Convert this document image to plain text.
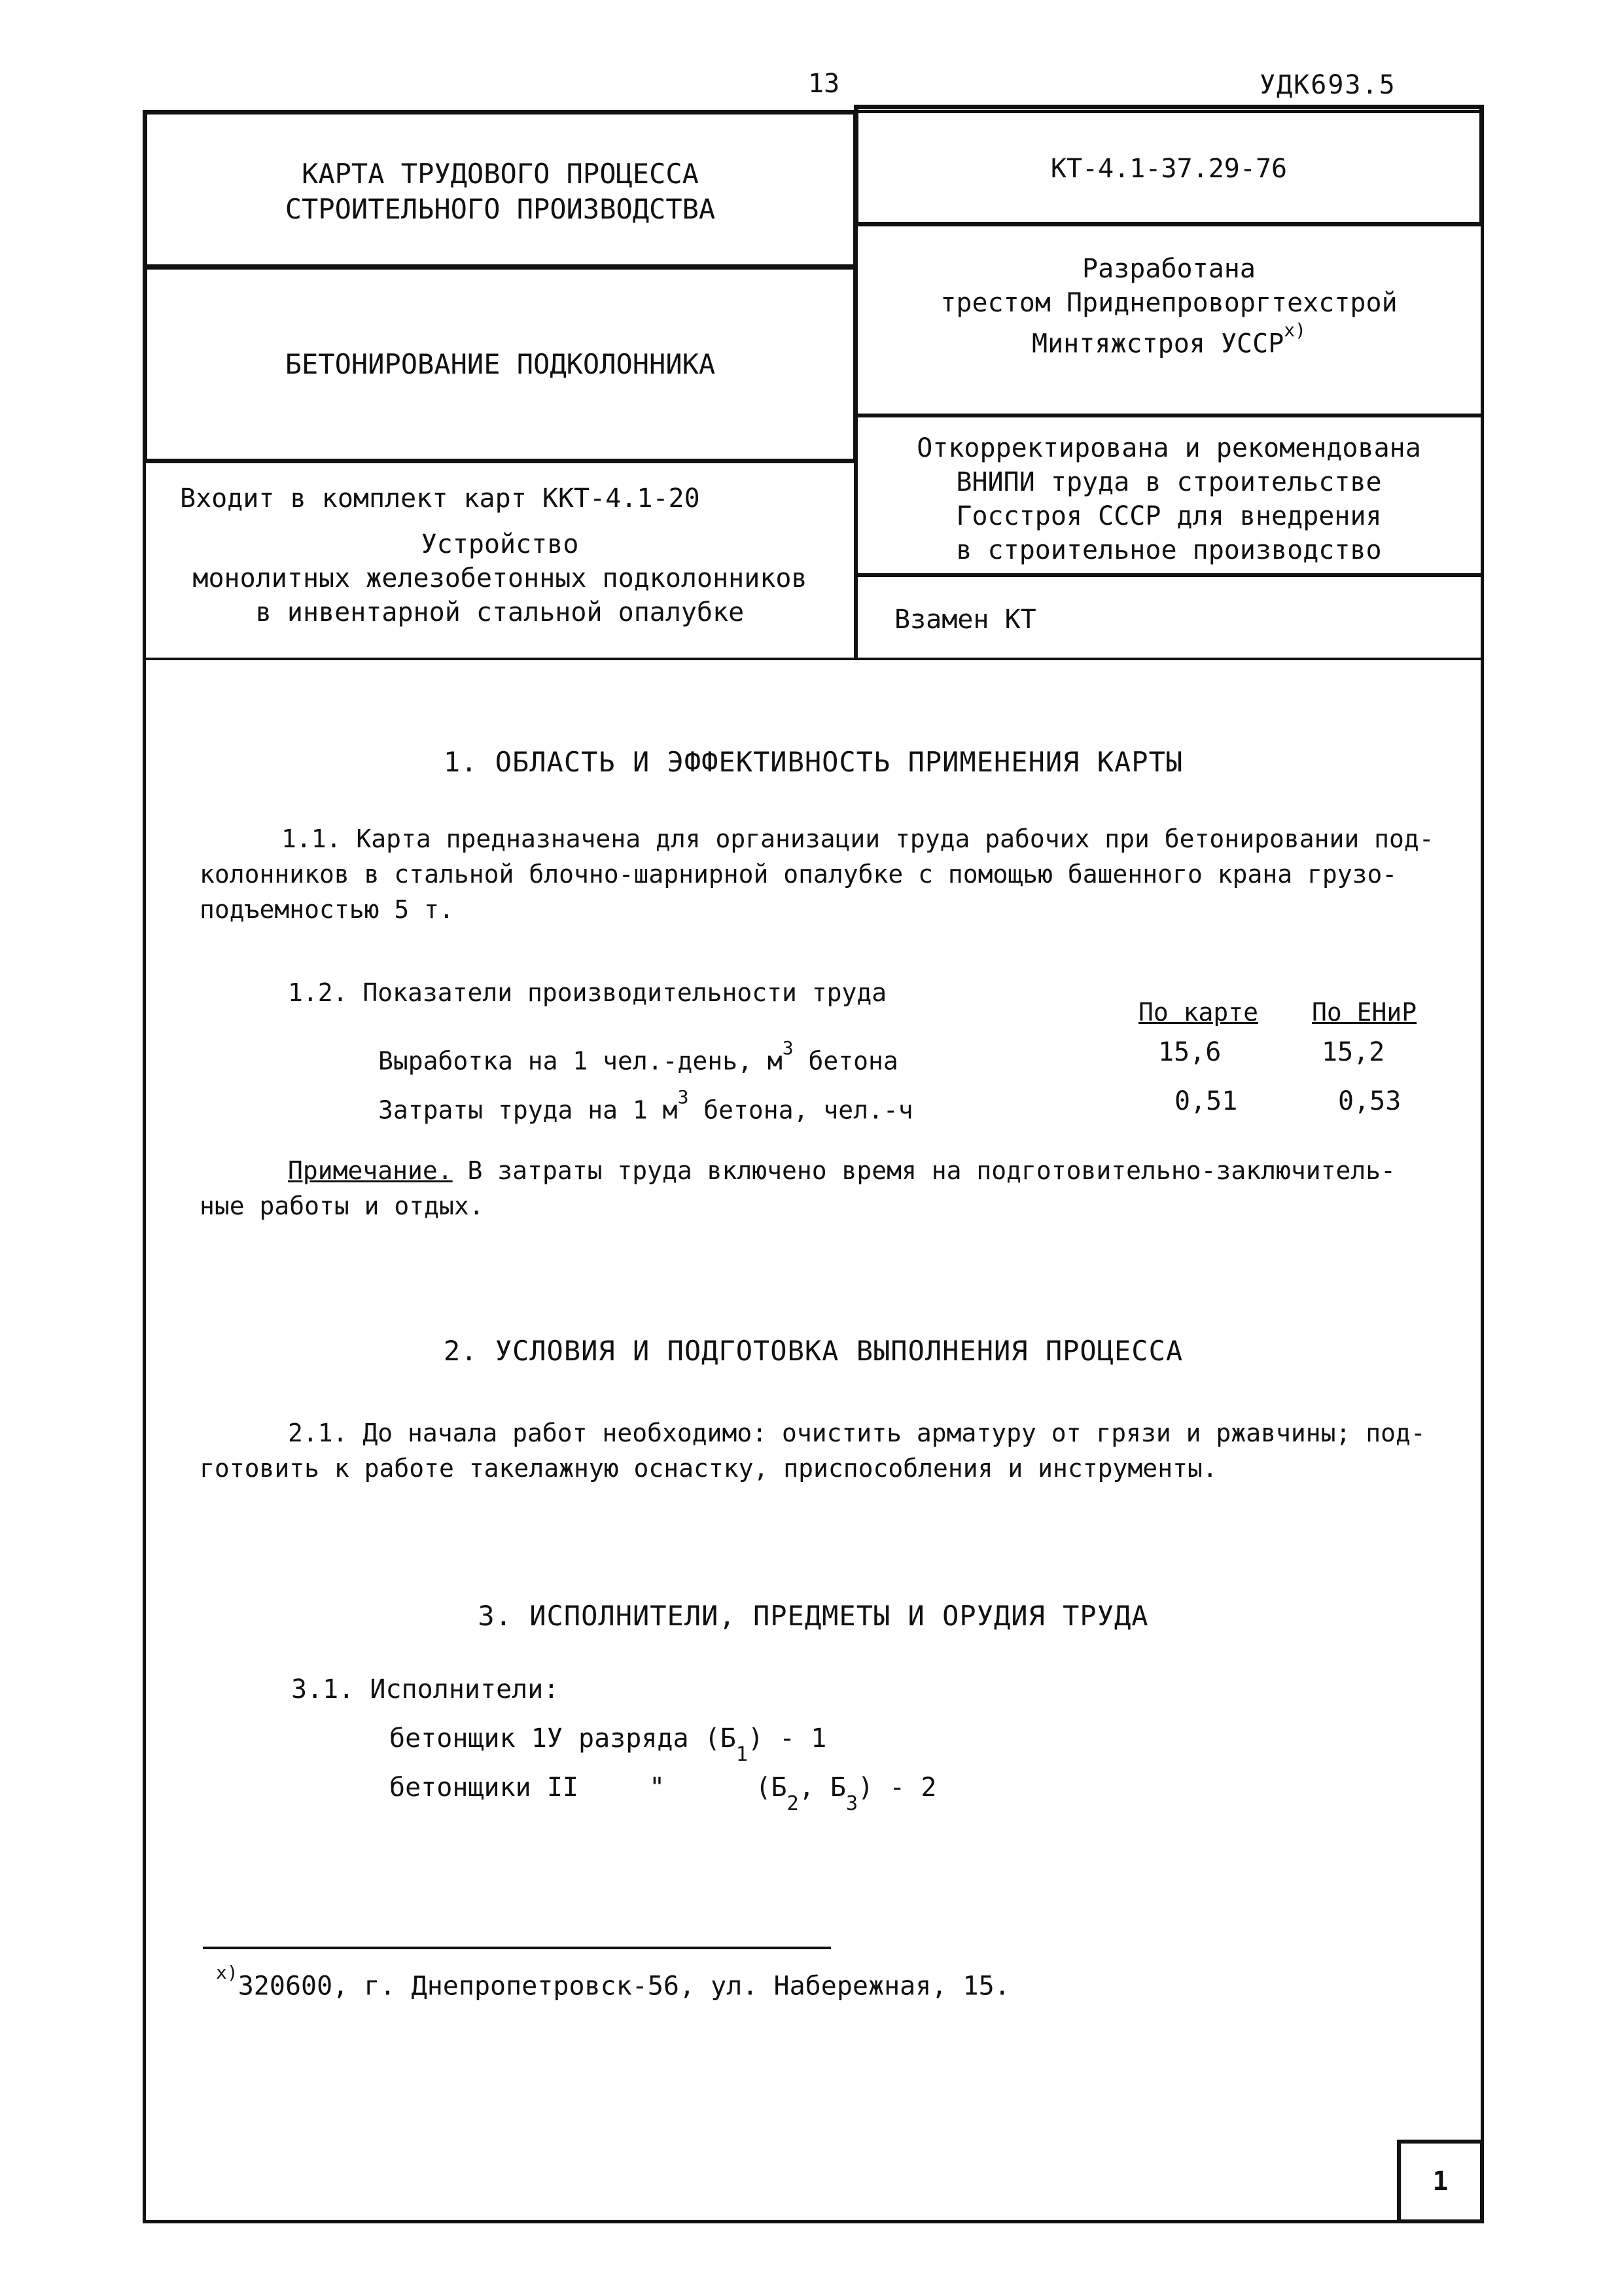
13	УДК693.5
КАРТА ТРУДОВОГО ПРОЦЕССА
СТРОИТЕЛЬНОГО ПРОИЗВОДСТВА
КТ-4.1-37.29-76
БЕТОНИРОВАНИЕ ПОДКОЛОННИКА
Входит в комплект карт ККТ-4.1-20
Устройство
монолитных железобетонных подколонников
в инвентарной стальной опалубке
Разработана
трестом Приднепроворгтехстрой
Минтяжстроя УССР$^{x)}$
Откорректирована и рекомендована
ВНИПИ труда в строительстве
Госстроя СССР для внедрения
в строительное производство
Взамен КТ
1. ОБЛАСТЬ И ЭФФЕКТИВНОСТЬ ПРИМЕНЕНИЯ КАРТЫ
1.1. Карта предназначена для организации труда рабочих при бетонировании под-
колонников в стальной блочно-шарнирной опалубке с помощью башенного крана грузо-
подъемностью 5 т.
1.2. Показатели производительности труда
По карте По ЕНиР
Выработка на 1 чел.-день, $м^3$ бетона	15,6	15,2
Затраты труда на 1 $м^3$ бетона, чел.-ч	0,51	0,53
Примечание. В затраты труда включено время на подготовительно-заключитель-
ные работы и отдых.
2. УСЛОВИЯ И ПОДГОТОВКА ВЫПОЛНЕНИЯ ПРОЦЕССА
2.1. До начала работ необходимо: очистить арматуру от грязи и ржавчины; под-
готовить к работе такелажную оснастку, приспособления и инструменты.
3. ИСПОЛНИТЕЛИ, ПРЕДМЕТЫ И ОРУДИЯ ТРУДА
3.1. Исполнители:
бетонщик 1У разряда $(Б_1) - 1$
бетонщики II	"	($Б_2$, $Б_3) - 2$
$^{x)}$320600, г. Днепропетровск-56, ул. Набережная, 15.
1
